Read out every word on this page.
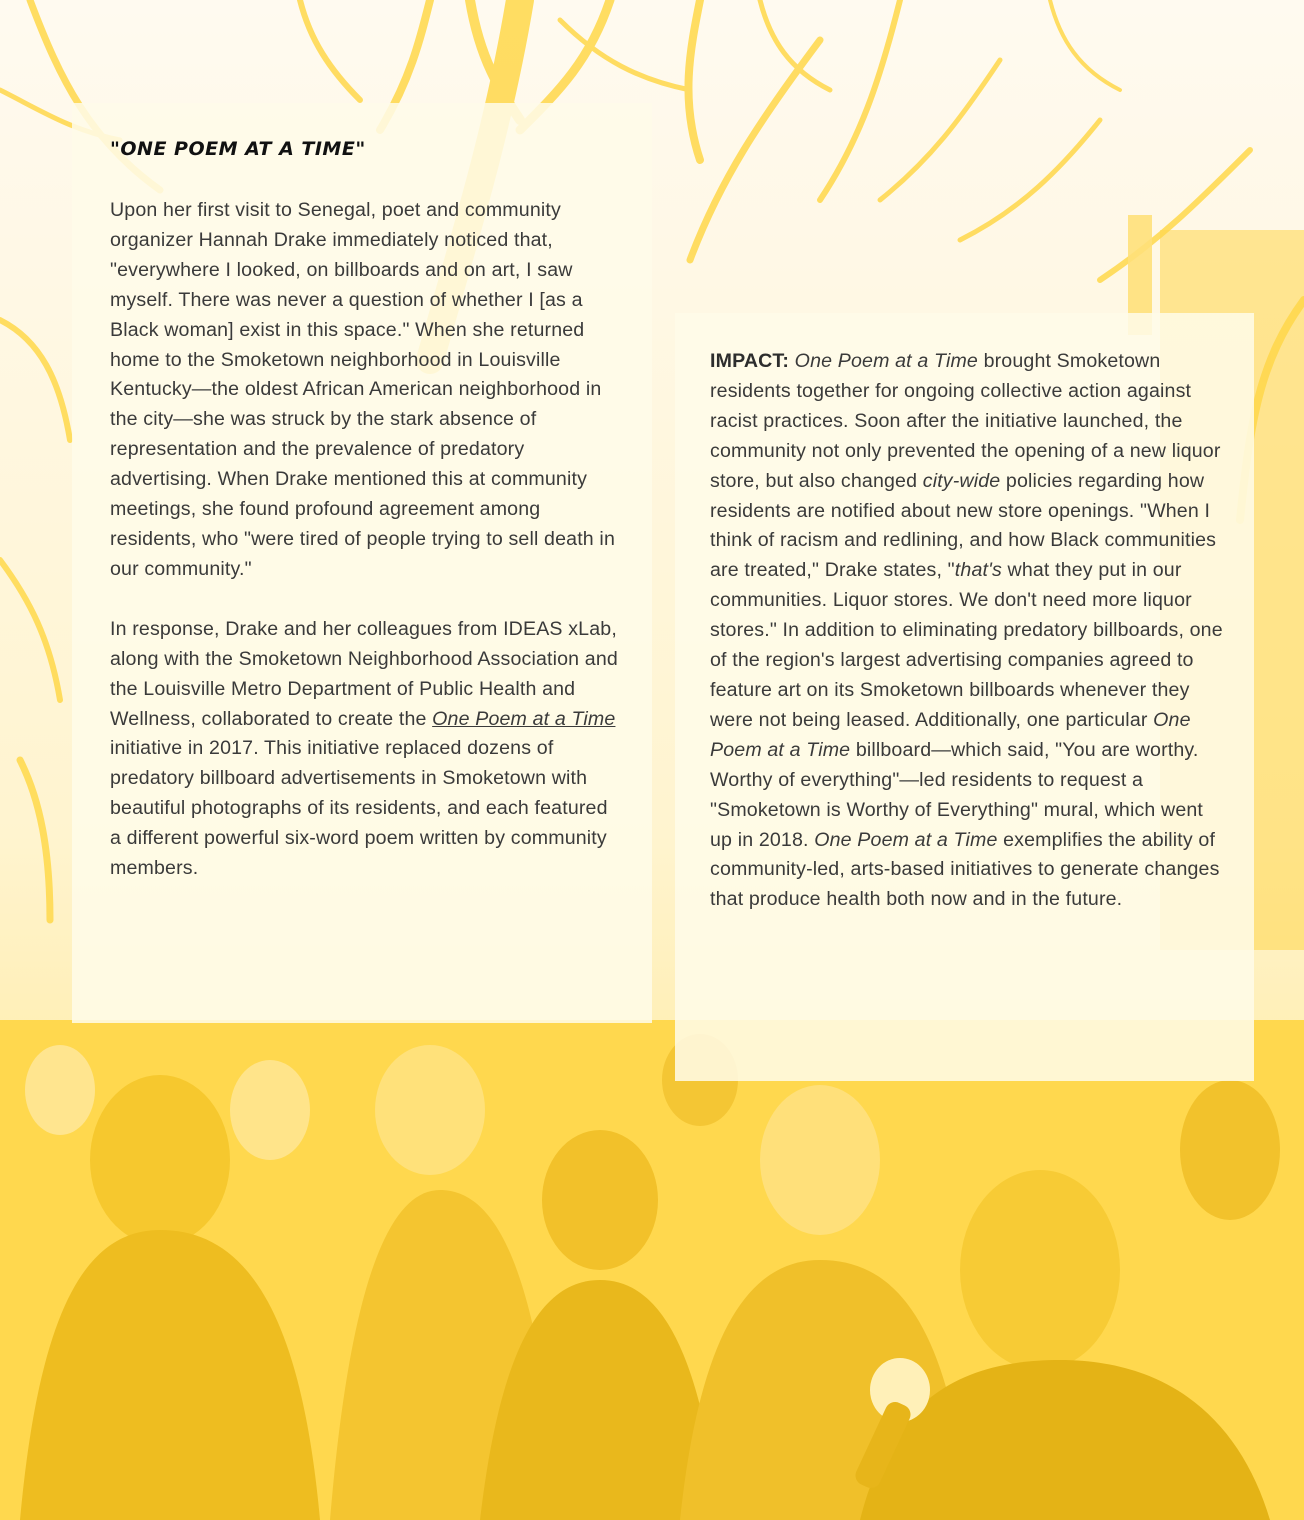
"ONE POEM AT A TIME"

Upon her first visit to Senegal, poet and community organizer Hannah Drake immediately noticed that, "everywhere I looked, on billboards and on art, I saw myself. There was never a question of whether I [as a Black woman] exist in this space." When she returned home to the Smoketown neighborhood in Louisville Kentucky—the oldest African American neighborhood in the city—she was struck by the stark absence of representation and the prevalence of predatory advertising. When Drake mentioned this at community meetings, she found profound agreement among residents, who "were tired of people trying to sell death in our community."

In response, Drake and her colleagues from IDEAS xLab, along with the Smoketown Neighborhood Association and the Louisville Metro Department of Public Health and Wellness, collaborated to create the One Poem at a Time initiative in 2017. This initiative replaced dozens of predatory billboard advertisements in Smoketown with beautiful photographs of its residents, and each featured a different powerful six-word poem written by community members.

IMPACT: One Poem at a Time brought Smoketown residents together for ongoing collective action against racist practices. Soon after the initiative launched, the community not only prevented the opening of a new liquor store, but also changed city-wide policies regarding how residents are notified about new store openings. "When I think of racism and redlining, and how Black communities are treated," Drake states, "that's what they put in our communities. Liquor stores. We don't need more liquor stores." In addition to eliminating predatory billboards, one of the region's largest advertising companies agreed to feature art on its Smoketown billboards whenever they were not being leased. Additionally, one particular One Poem at a Time billboard—which said, "You are worthy. Worthy of everything"—led residents to request a "Smoketown is Worthy of Everything" mural, which went up in 2018. One Poem at a Time exemplifies the ability of community-led, arts-based initiatives to generate changes that produce health both now and in the future.
